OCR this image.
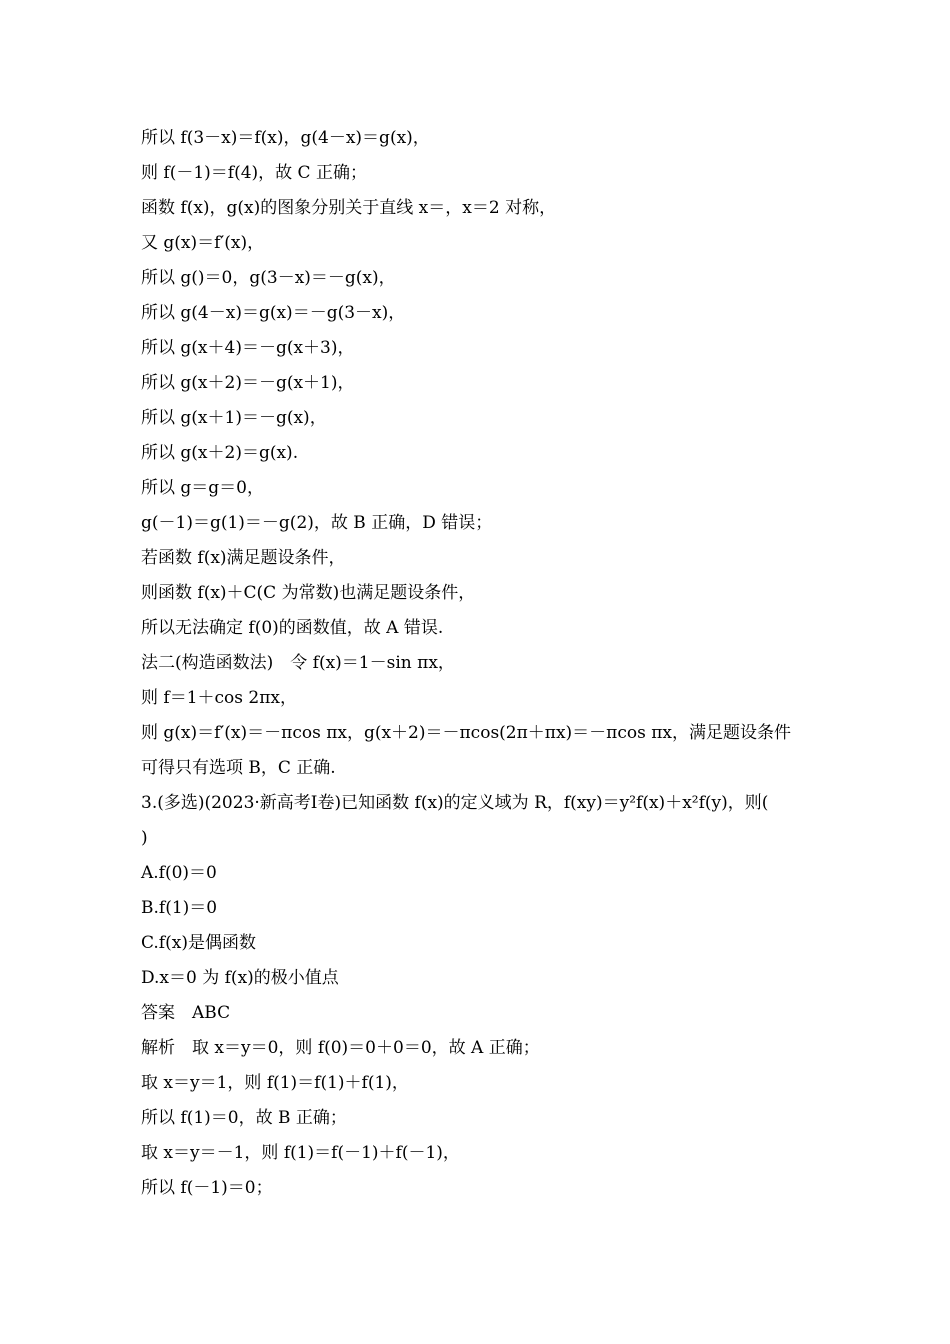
所以 f(3－x)＝f(x)，g(4－x)＝g(x)，
则 f(－1)＝f(4)，故 C 正确；
函数 f(x)，g(x)的图象分别关于直线 x＝，x＝2 对称，
又 g(x)＝f′(x)，
所以 g()＝0，g(3－x)＝－g(x)，
所以 g(4－x)＝g(x)＝－g(3－x)，
所以 g(x＋4)＝－g(x＋3)，
所以 g(x＋2)＝－g(x＋1)，
所以 g(x＋1)＝－g(x)，
所以 g(x＋2)＝g(x).
所以 g＝g＝0，
g(－1)＝g(1)＝－g(2)，故 B 正确，D 错误；
若函数 f(x)满足题设条件，
则函数 f(x)＋C(C 为常数)也满足题设条件，
所以无法确定 f(0)的函数值，故 A 错误.
法二(构造函数法)　令 f(x)＝1－sin πx，
则 f＝1＋cos 2πx，
则 g(x)＝f′(x)＝－πcos πx，g(x＋2)＝－πcos(2π＋πx)＝－πcos πx，满足题设条件
可得只有选项 B，C 正确.
3.(多选)(2023·新高考Ⅰ卷)已知函数 f(x)的定义域为 R，f(xy)＝y²f(x)＋x²f(y)，则(
)
A.f(0)＝0
B.f(1)＝0
C.f(x)是偶函数
D.x＝0 为 f(x)的极小值点
答案　ABC
解析　取 x＝y＝0，则 f(0)＝0＋0＝0，故 A 正确；
取 x＝y＝1，则 f(1)＝f(1)＋f(1)，
所以 f(1)＝0，故 B 正确；
取 x＝y＝－1，则 f(1)＝f(－1)＋f(－1)，
所以 f(－1)＝0；
